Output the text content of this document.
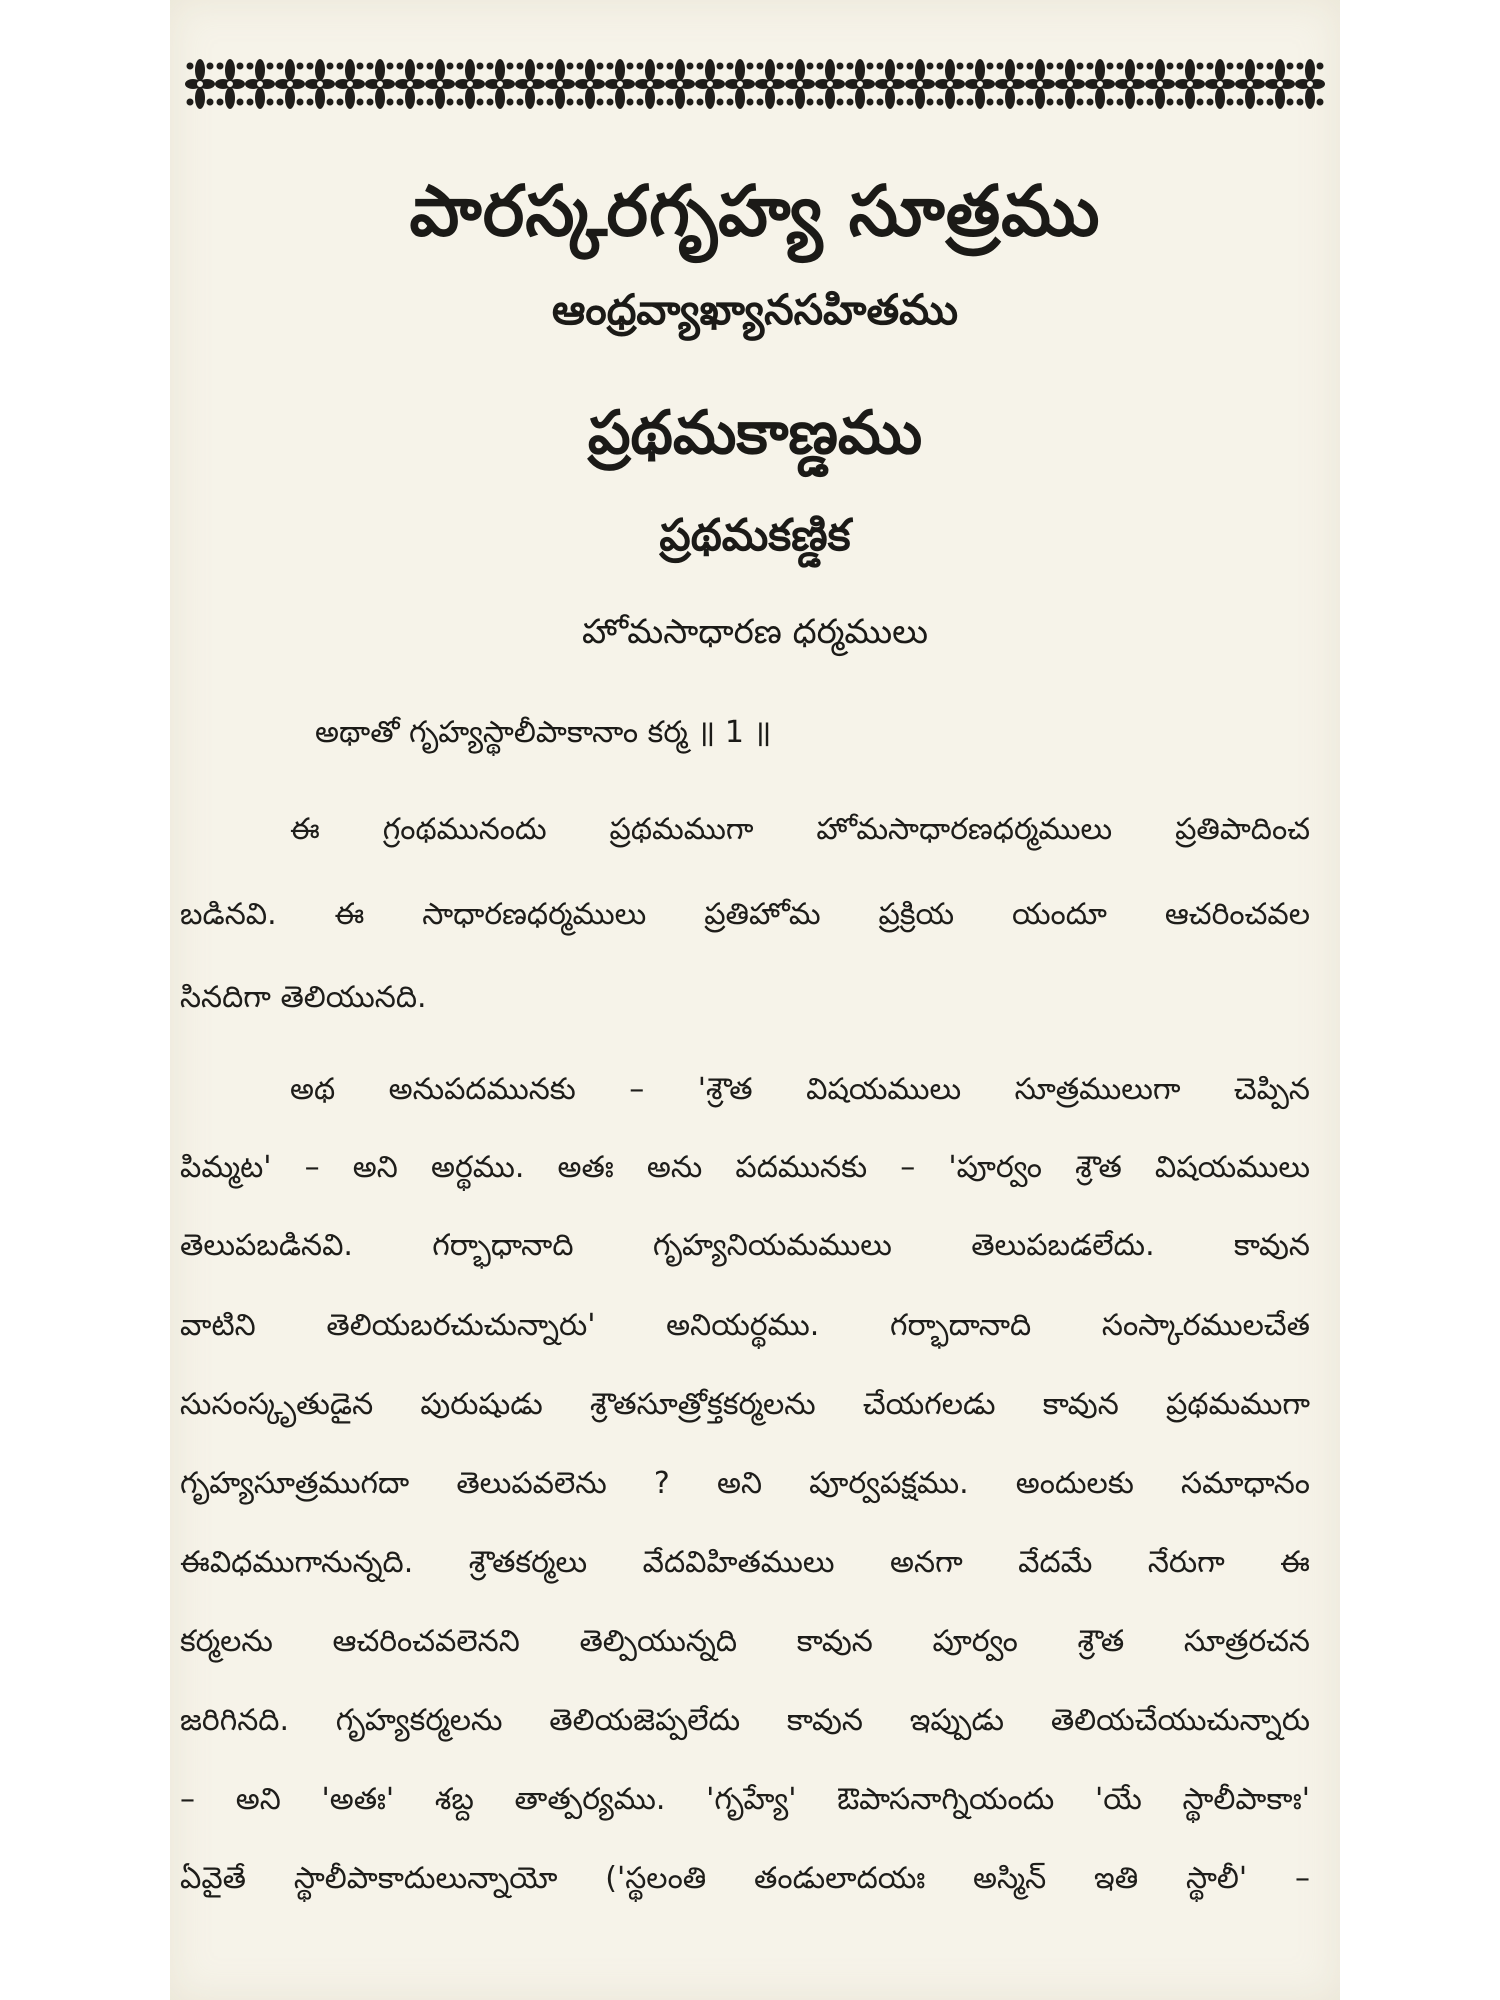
పారస్కరగృహ్య సూత్రము
ఆంధ్రవ్యాఖ్యానసహితము
ప్రథమకాణ్డము
ప్రథమకణ్డిక
హోమసాధారణ ధర్మములు
అథాతో గృహ్యస్థాలీపాకానాం కర్మ ॥ 1 ॥
ఈ గ్రంథమునందు ప్రథమముగా హోమసాధారణధర్మములు ప్రతిపాదించ
బడినవి. ఈ సాధారణధర్మములు ప్రతిహోమ ప్రక్రియ యందూ ఆచరించవల
సినదిగా తెలియునది.
అథ అనుపదమునకు – 'శ్రౌత విషయములు సూత్రములుగా చెప్పిన
పిమ్మట' – అని అర్థము. అతః అను పదమునకు – 'పూర్వం శ్రౌత విషయములు
తెలుపబడినవి. గర్భాధానాది గృహ్యనియమములు తెలుపబడలేదు. కావున
వాటిని తెలియబరచుచున్నారు' అనియర్థము. గర్భాదానాది సంస్కారములచేత
సుసంస్కృతుడైన పురుషుడు శ్రౌతసూత్రోక్తకర్మలను చేయగలడు కావున ప్రథమముగా
గృహ్యసూత్రముగదా తెలుపవలెను ? అని పూర్వపక్షము. అందులకు సమాధానం
ఈవిధముగానున్నది. శ్రౌతకర్మలు వేదవిహితములు అనగా వేదమే నేరుగా ఈ
కర్మలను ఆచరించవలెనని తెల్పియున్నది కావున పూర్వం శ్రౌత సూత్రరచన
జరిగినది. గృహ్యకర్మలను తెలియజెప్పలేదు కావున ఇప్పుడు తెలియచేయుచున్నారు
– అని 'అతః' శబ్ద తాత్పర్యము. 'గృహ్యే' ఔపాసనాగ్నియందు 'యే స్థాలీపాకాః'
ఏవైతే స్థాలీపాకాదులున్నాయో ('స్థలంతి తండులాదయః అస్మిన్ ఇతి స్థాలీ' –
